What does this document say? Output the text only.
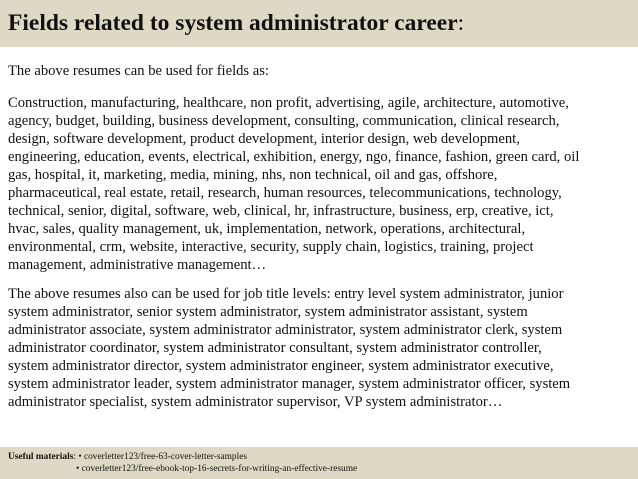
Fields related to system administrator career:
The above resumes can be used for fields as:
Construction, manufacturing, healthcare, non profit, advertising, agile, architecture, automotive,
agency, budget, building, business development, consulting, communication, clinical research,
design, software development, product development, interior design, web development,
engineering, education, events, electrical, exhibition, energy, ngo, finance, fashion, green card, oil
gas, hospital, it, marketing, media, mining, nhs, non technical, oil and gas, offshore,
pharmaceutical, real estate, retail, research, human resources, telecommunications, technology,
technical, senior, digital, software, web, clinical, hr, infrastructure, business, erp, creative, ict,
hvac, sales, quality management, uk, implementation, network, operations, architectural,
environmental, crm, website, interactive, security, supply chain, logistics, training, project
management, administrative management…
The above resumes also can be used for job title levels: entry level system administrator, junior
system administrator, senior system administrator, system administrator assistant, system
administrator associate, system administrator administrator, system administrator clerk, system
administrator coordinator, system administrator consultant, system administrator controller,
system administrator director, system administrator engineer, system administrator executive,
system administrator leader, system administrator manager, system administrator officer, system
administrator specialist, system administrator supervisor, VP system administrator…
Useful materials: • coverletter123/free-63-cover-letter-samples
• coverletter123/free-ebook-top-16-secrets-for-writing-an-effective-resume
